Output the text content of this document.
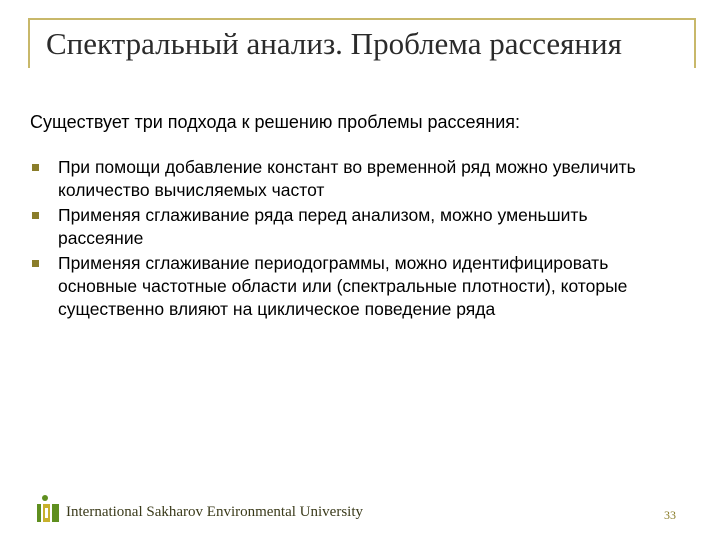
Спектральный анализ. Проблема рассеяния
Существует три подхода к решению проблемы рассеяния:
При помощи добавление констант во временной ряд можно увеличить количество вычисляемых частот
Применяя сглаживание ряда перед анализом, можно уменьшить рассеяние
Применяя сглаживание периодограммы, можно идентифицировать основные частотные области или (спектральные плотности), которые существенно влияют на циклическое поведение ряда
International Sakharov Environmental University	33
